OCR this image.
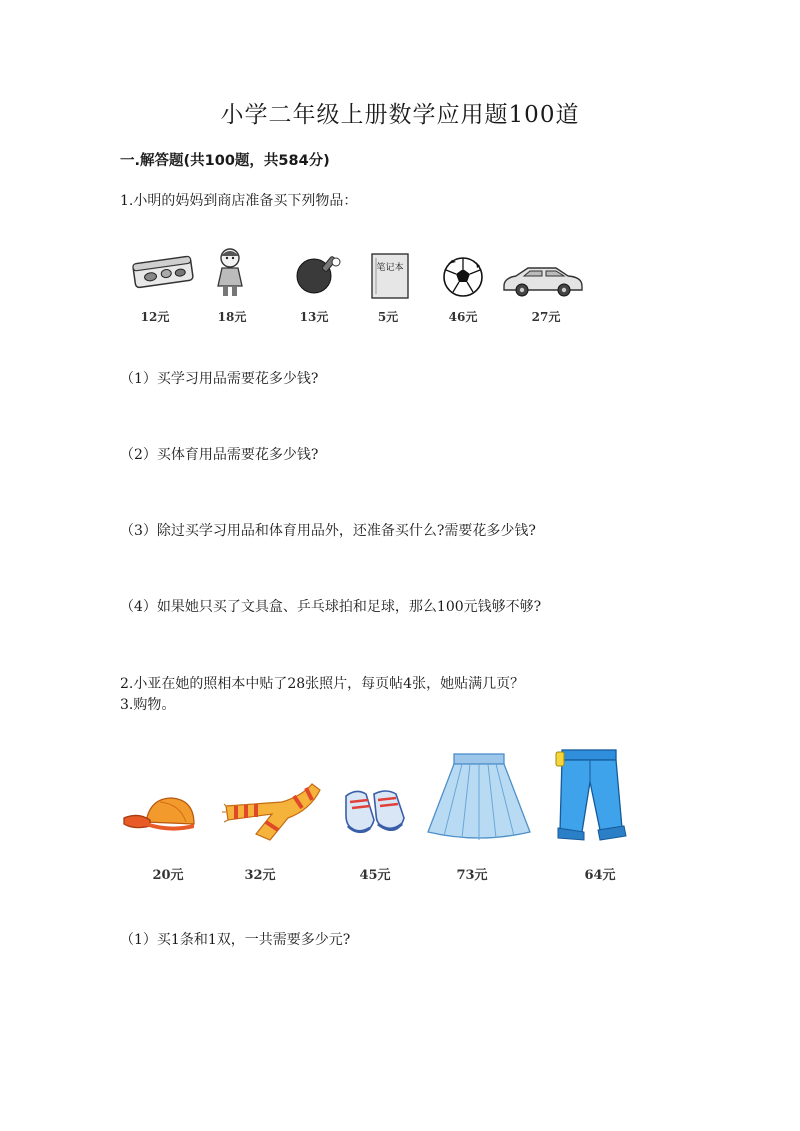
小学二年级上册数学应用题100道
一.解答题(共100题，共584分)
1.小明的妈妈到商店准备买下列物品：
笔记本
12元	18元	13元	5元	46元	27元
（1）买学习用品需要花多少钱?
（2）买体育用品需要花多少钱?
（3）除过买学习用品和体育用品外，还准备买什么?需要花多少钱?
（4）如果她只买了文具盒、乒乓球拍和足球，那么100元钱够不够?
2.小亚在她的照相本中贴了28张照片，每页帖4张，她贴满几页？
3.购物。
20元	32元	45元	73元	64元
（1）买1条和1双，一共需要多少元?
